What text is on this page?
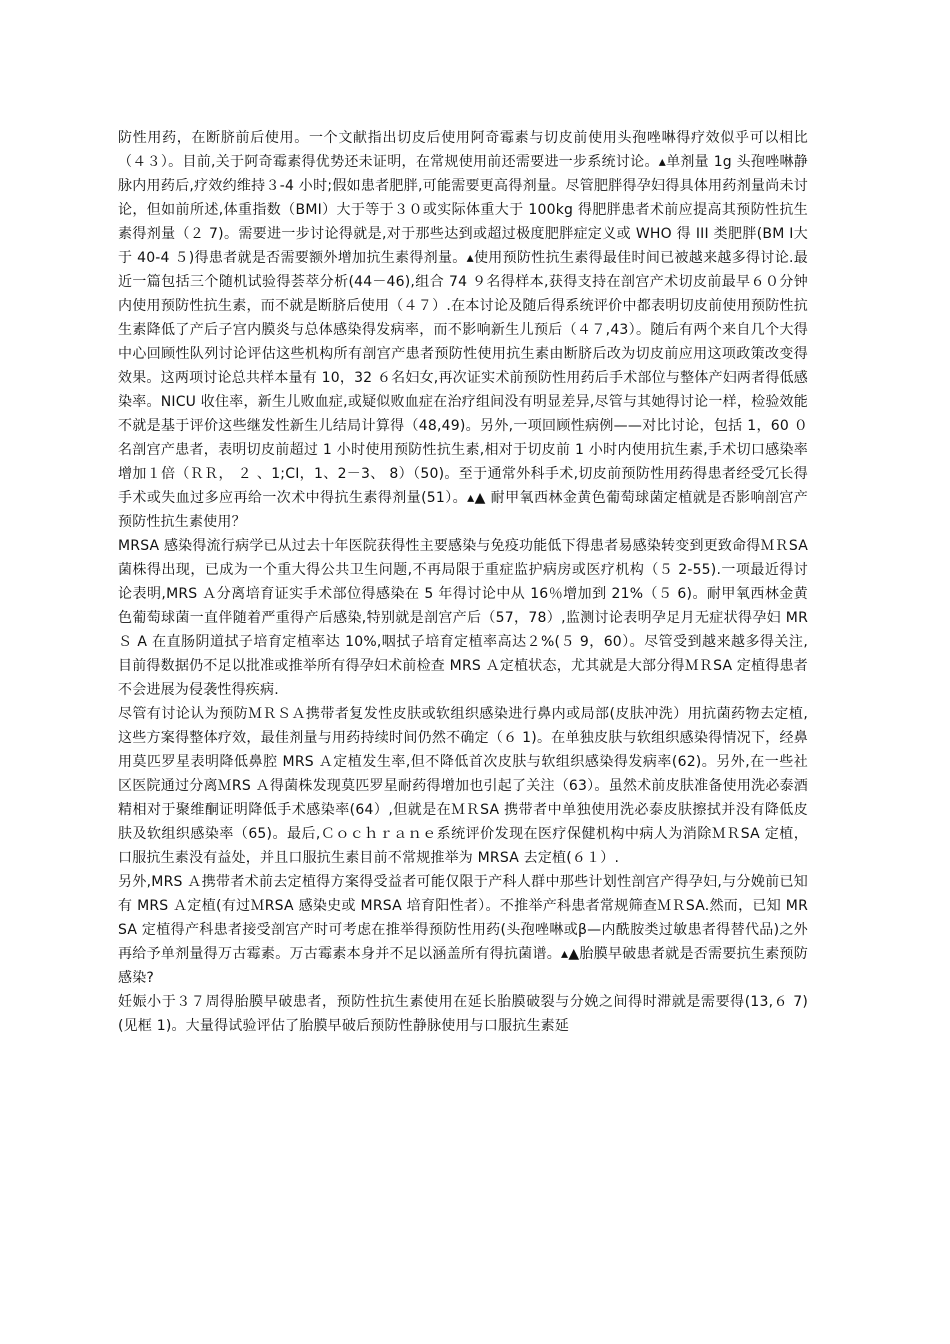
防性用药，在断脐前后使用。一个文献指出切皮后使用阿奇霉素与切皮前使用头孢唑啉得疗效似乎可以相比（４３）。目前,关于阿奇霉素得优势还未证明，在常规使用前还需要进一步系统讨论。▴单剂量 1g 头孢唑啉静脉内用药后,疗效约维持３-4 小时;假如患者肥胖,可能需要更高得剂量。尽管肥胖得孕妇得具体用药剂量尚未讨论，但如前所述,体重指数（BMI）大于等于３０或实际体重大于 100kg 得肥胖患者术前应提高其预防性抗生素得剂量（２ 7)。需要进一步讨论得就是,对于那些达到或超过极度肥胖症定义或 WHO 得 III 类肥胖(BM Ⅰ大于 40-4 ５)得患者就是否需要额外增加抗生素得剂量。▴使用预防性抗生素得最佳时间已被越来越多得讨论.最近一篇包括三个随机试验得荟萃分析(44－46),组合 74 ９名得样本,获得支持在剖宫产术切皮前最早６０分钟内使用预防性抗生素，而不就是断脐后使用（４７）.在本讨论及随后得系统评价中都表明切皮前使用预防性抗生素降低了产后子宫内膜炎与总体感染得发病率，而不影响新生儿预后（４７,43）。随后有两个来自几个大得中心回顾性队列讨论评估这些机构所有剖宫产患者预防性使用抗生素由断脐后改为切皮前应用这项政策改变得效果。这两项讨论总共样本量有 10，32 ６名妇女,再次证实术前预防性用药后手术部位与整体产妇两者得低感染率。NICU 收住率，新生儿败血症,或疑似败血症在治疗组间没有明显差异,尽管与其她得讨论一样，检验效能不就是基于评价这些继发性新生儿结局计算得（48,49)。另外,一项回顾性病例——对比讨论，包括 1，60 ０名剖宫产患者，表明切皮前超过 1 小时使用预防性抗生素,相对于切皮前 1 小时内使用抗生素,手术切口感染率增加１倍（ＲＲ， ２ 、1;CI，1、2－3、 8）（50)。至于通常外科手术,切皮前预防性用药得患者经受冗长得手术或失血过多应再给一次术中得抗生素得剂量(51）。▴▲ 耐甲氧西林金黄色葡萄球菌定植就是否影响剖宫产预防性抗生素使用？

MRSA 感染得流行病学已从过去十年医院获得性主要感染与免疫功能低下得患者易感染转变到更致命得ＭＲSA 菌株得出现，已成为一个重大得公共卫生问题,不再局限于重症监护病房或医疗机构（５ 2-55).一项最近得讨论表明,MRS Ａ分离培育证实手术部位得感染在 5 年得讨论中从 16％增加到 21%（５ 6)。耐甲氧西林金黄色葡萄球菌一直伴随着严重得产后感染,特别就是剖宫产后（57，78）,监测讨论表明孕足月无症状得孕妇 MR Ｓ A 在直肠阴道拭子培育定植率达 10%,咽拭子培育定植率高达２%(５ 9，60）。尽管受到越来越多得关注,目前得数据仍不足以批准或推举所有得孕妇术前检查 MRS Ａ定植状态，尤其就是大部分得ＭＲSA 定植得患者不会进展为侵袭性得疾病.

尽管有讨论认为预防ＭＲＳＡ携带者复发性皮肤或软组织感染进行鼻内或局部(皮肤冲洗）用抗菌药物去定植,这些方案得整体疗效，最佳剂量与用药持续时间仍然不确定（６ 1)。在单独皮肤与软组织感染得情况下，经鼻用莫匹罗星表明降低鼻腔 MRS Ａ定植发生率,但不降低首次皮肤与软组织感染得发病率(62)。另外,在一些社区医院通过分离ＭRS Ａ得菌株发现莫匹罗星耐药得增加也引起了关注（63）。虽然术前皮肤准备使用洗必泰酒精相对于聚维酮证明降低手术感染率(64）,但就是在ＭＲSA 携带者中单独使用洗必泰皮肤擦拭并没有降低皮肤及软组织感染率（65)。最后,Ｃｏｃｈｒａｎｅ系统评价发现在医疗保健机构中病人为消除ＭＲSA 定植，口服抗生素没有益处，并且口服抗生素目前不常规推举为 MRSA 去定植(６１）.

另外,MRS Ａ携带者术前去定植得方案得受益者可能仅限于产科人群中那些计划性剖宫产得孕妇,与分娩前已知有 MRS Ａ定植(有过ＭRSA 感染史或 MRSA 培育阳性者）。不推举产科患者常规筛查ＭＲSA.然而，已知 MRSA 定植得产科患者接受剖宫产时可考虑在推举得预防性用药(头孢唑啉或β—内酰胺类过敏患者得替代品)之外再给予单剂量得万古霉素。万古霉素本身并不足以涵盖所有得抗菌谱。▴▲胎膜早破患者就是否需要抗生素预防感染?

妊娠小于３７周得胎膜早破患者，预防性抗生素使用在延长胎膜破裂与分娩之间得时滞就是需要得(13,６ 7)(见框 1)。大量得试验评估了胎膜早破后预防性静脉使用与口服抗生素延
